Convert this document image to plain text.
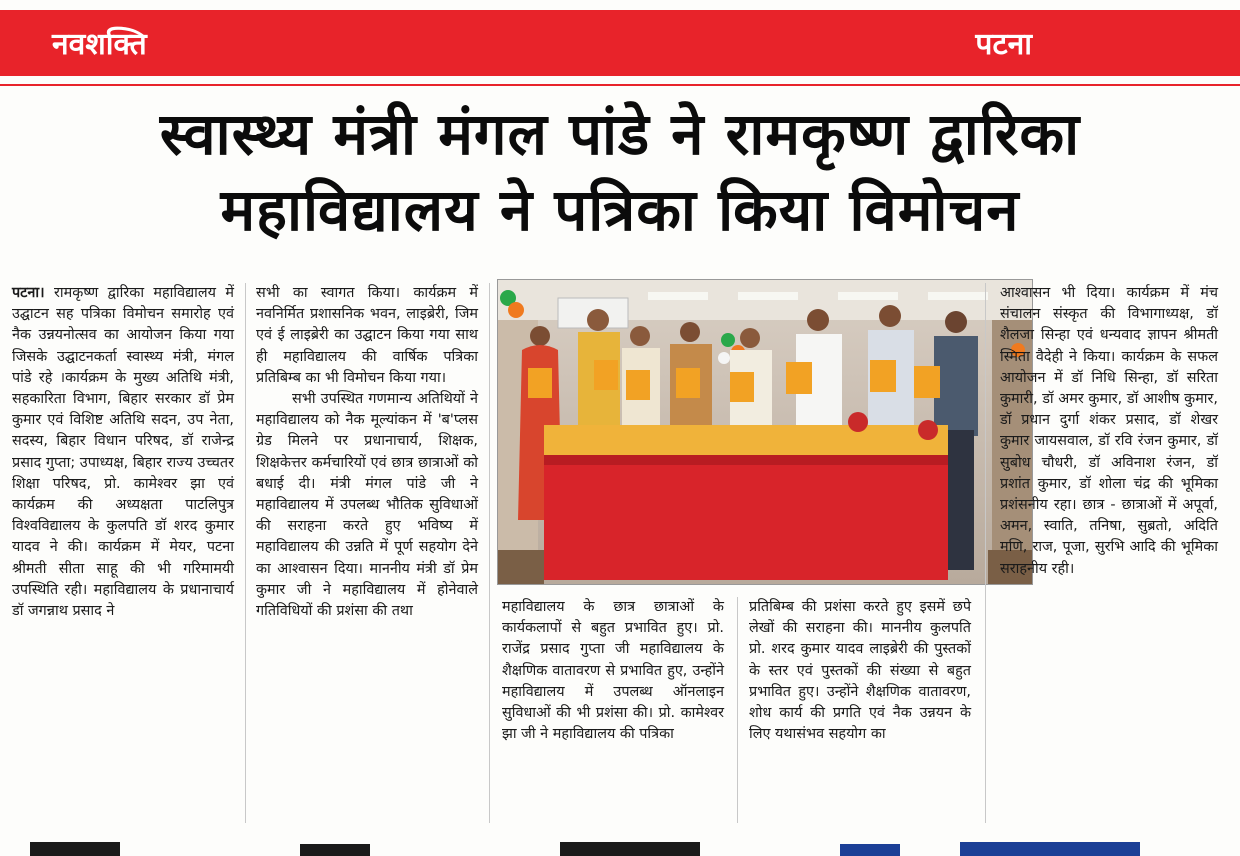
नवशक्ति	पटना
स्वास्थ्य मंत्री मंगल पांडे ने रामकृष्ण द्वारिका
महाविद्यालय ने पत्रिका किया विमोचन

पटना। रामकृष्ण द्वारिका महाविद्यालय में उद्घाटन सह पत्रिका विमोचन समारोह एवं नैक उन्नयनोत्सव का आयोजन किया गया जिसके उद्घाटनकर्ता स्वास्थ्य मंत्री, मंगल पांडे रहे ।कार्यक्रम के मुख्य अतिथि मंत्री, सहकारिता विभाग, बिहार सरकार डॉ प्रेम कुमार एवं विशिष्ट अतिथि सदन, उप नेता, सदस्य, बिहार विधान परिषद, डॉ राजेन्द्र प्रसाद गुप्ता; उपाध्यक्ष, बिहार राज्य उच्चतर शिक्षा परिषद, प्रो. कामेश्वर झा एवं कार्यक्रम की अध्यक्षता पाटलिपुत्र विश्वविद्यालय के कुलपति डॉ शरद कुमार यादव ने की। कार्यक्रम में मेयर, पटना श्रीमती सीता साहू की भी गरिमामयी उपस्थिति रही। महाविद्यालय के प्रधानाचार्य डॉ जगन्नाथ प्रसाद ने

सभी का स्वागत किया। कार्यक्रम में नवनिर्मित प्रशासनिक भवन, लाइब्रेरी, जिम एवं ई लाइब्रेरी का उद्घाटन किया गया साथ ही महाविद्यालय की वार्षिक पत्रिका प्रतिबिम्ब का भी विमोचन किया गया।

सभी उपस्थित गणमान्य अतिथियों ने महाविद्यालय को नैक मूल्यांकन में 'ब'प्लस ग्रेड मिलने पर प्रधानाचार्य, शिक्षक, शिक्षकेत्तर कर्मचारियों एवं छात्र छात्राओं को बधाई दी। मंत्री मंगल पांडे जी ने महाविद्यालय में उपलब्ध भौतिक सुविधाओं की सराहना करते हुए भविष्य में महाविद्यालय की उन्नति में पूर्ण सहयोग देने का आश्वासन दिया। माननीय मंत्री डॉ प्रेम कुमार जी ने महाविद्यालय में होनेवाले गतिविधियों की प्रशंसा की तथा	महाविद्यालय के छात्र छात्राओं के कार्यकलापों से बहुत प्रभावित हुए। प्रो. राजेंद्र प्रसाद गुप्ता जी महाविद्यालय के शैक्षणिक वातावरण से प्रभावित हुए, उन्होंने महाविद्यालय में उपलब्ध ऑनलाइन सुविधाओं की भी प्रशंसा की। प्रो. कामेश्वर झा जी ने महाविद्यालय की पत्रिका

प्रतिबिम्ब की प्रशंसा करते हुए इसमें छपे लेखों की सराहना की। माननीय कुलपति प्रो. शरद कुमार यादव लाइब्रेरी की पुस्तकों के स्तर एवं पुस्तकों की संख्या से बहुत प्रभावित हुए। उन्होंने शैक्षणिक वातावरण, शोध कार्य की प्रगति एवं नैक उन्नयन के लिए यथासंभव सहयोग का

आश्वासन भी दिया। कार्यक्रम में मंच संचालन संस्कृत की विभागाध्यक्ष, डॉ शैलजा सिन्हा एवं धन्यवाद ज्ञापन श्रीमती स्मिता वैदेही ने किया। कार्यक्रम के सफल आयोजन में डॉ निधि सिन्हा, डॉ सरिता कुमारी, डॉ अमर कुमार, डॉ आशीष कुमार, डॉ प्रधान दुर्गा शंकर प्रसाद, डॉ शेखर कुमार जायसवाल, डॉ रवि रंजन कुमार, डॉ सुबोध चौधरी, डॉ अविनाश रंजन, डॉ प्रशांत कुमार, डॉ शोला चंद्र की भूमिका प्रशंसनीय रहा। छात्र - छात्राओं में अपूर्वा, अमन, स्वाति, तनिषा, सुब्रतो, अदिति मणि, राज, पूजा, सुरभि आदि की भूमिका सराहनीय रही।
